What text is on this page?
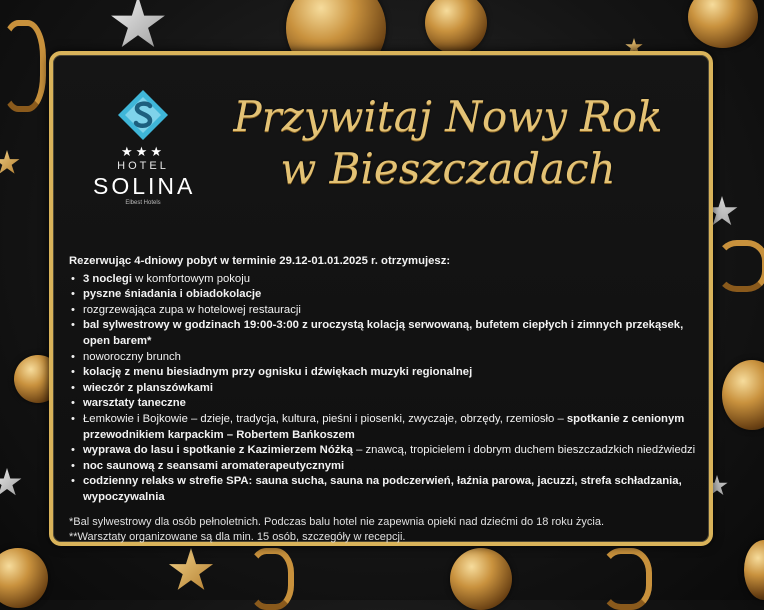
★★★
HOTEL
SOLINA
Elbest Hotels
Przywitaj Nowy Rok
w Bieszczadach
Rezerwując 4-dniowy pobyt w terminie 29.12-01.01.2025 r. otrzymujesz:
• 3 noclegi w komfortowym pokoju
• pyszne śniadania i obiadokolacje
• rozgrzewająca zupa w hotelowej restauracji
• bal sylwestrowy w godzinach 19:00-3:00 z uroczystą kolacją serwowaną, bufetem ciepłych i zimnych przekąsek, open barem*
• noworoczny brunch
• kolację z menu biesiadnym przy ognisku i dźwiękach muzyki regionalnej
• wieczór z planszówkami
• warsztaty taneczne
• Łemkowie i Bojkowie – dzieje, tradycja, kultura, pieśni i piosenki, zwyczaje, obrzędy, rzemiosło – spotkanie z cenionym przewodnikiem karpackim – Robertem Bańkoszem
• wyprawa do lasu i spotkanie z Kazimierzem Nóżką – znawcą, tropicielem i dobrym duchem bieszczadzkich niedźwiedzi
• noc saunową z seansami aromaterapeutycznymi
• codzienny relaks w strefie SPA: sauna sucha, sauna na podczerwień, łaźnia parowa, jacuzzi, strefa schładzania, wypoczywalnia
*Bal sylwestrowy dla osób pełnoletnich. Podczas balu hotel nie zapewnia opieki nad dziećmi do 18 roku życia.
**Warsztaty organizowane są dla min. 15 osób, szczegóły w recepcji.
